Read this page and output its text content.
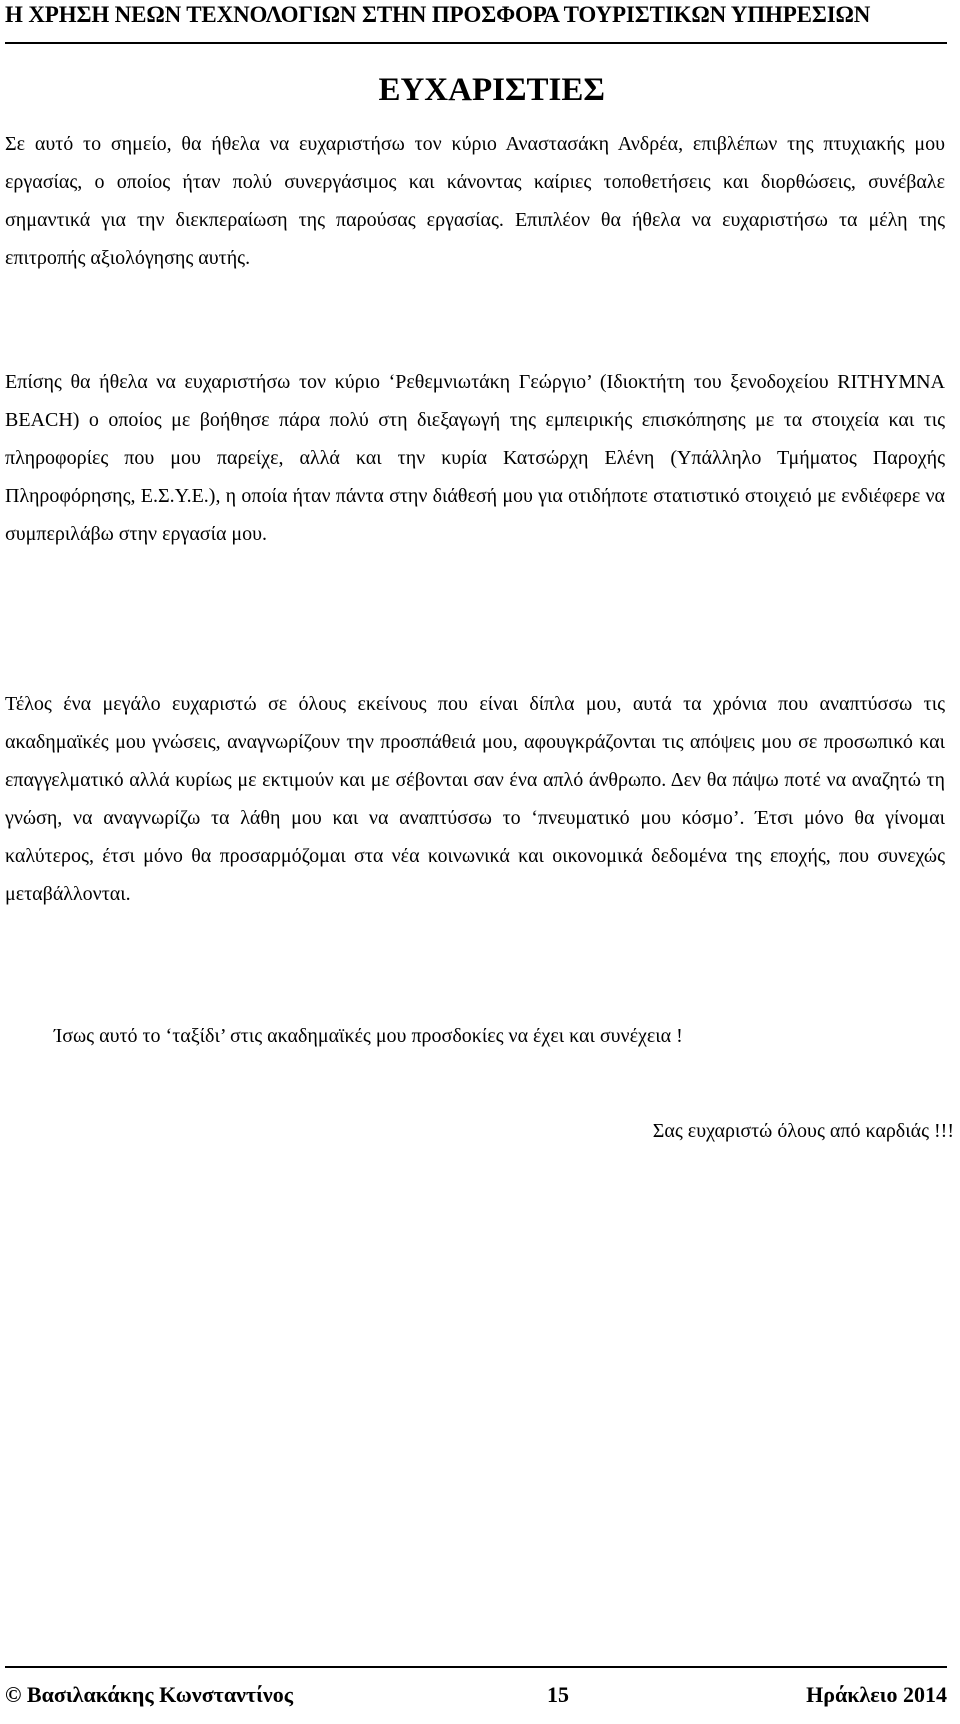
Η ΧΡΗΣΗ ΝΕΩΝ ΤΕΧΝΟΛΟΓΙΩΝ ΣΤΗΝ ΠΡΟΣΦΟΡΑ ΤΟΥΡΙΣΤΙΚΩΝ ΥΠΗΡΕΣΙΩΝ
ΕΥΧΑΡΙΣΤΙΕΣ

Σε αυτό το σημείο, θα ήθελα να ευχαριστήσω τον κύριο Αναστασάκη Ανδρέα, επιβλέπων της πτυχιακής μου εργασίας, ο οποίος ήταν πολύ συνεργάσιμος και κάνοντας καίριες τοποθετήσεις και διορθώσεις, συνέβαλε σημαντικά για την διεκπεραίωση της παρούσας εργασίας. Επιπλέον θα ήθελα να ευχαριστήσω τα μέλη της επιτροπής αξιολόγησης αυτής.

Επίσης θα ήθελα να ευχαριστήσω τον κύριο ‘Ρεθεμνιωτάκη Γεώργιο’ (Ιδιοκτήτη του ξενοδοχείου RITHYMNA BEACH) ο οποίος με βοήθησε πάρα πολύ στη διεξαγωγή της εμπειρικής επισκόπησης με τα στοιχεία και τις πληροφορίες που μου παρείχε, αλλά και την κυρία Κατσώρχη Ελένη (Υπάλληλο Τμήματος Παροχής Πληροφόρησης, Ε.Σ.Υ.Ε.), η οποία ήταν πάντα στην διάθεσή μου για οτιδήποτε στατιστικό στοιχειό με ενδιέφερε να συμπεριλάβω στην εργασία μου.

Τέλος ένα μεγάλο ευχαριστώ σε όλους εκείνους που είναι δίπλα μου, αυτά τα χρόνια που αναπτύσσω τις ακαδημαϊκές μου γνώσεις, αναγνωρίζουν την προσπάθειά μου, αφουγκράζονται τις απόψεις μου σε προσωπικό και επαγγελματικό αλλά κυρίως με εκτιμούν και με σέβονται σαν ένα απλό άνθρωπο. Δεν θα πάψω ποτέ να αναζητώ τη γνώση, να αναγνωρίζω τα λάθη μου και να αναπτύσσω το ‘πνευματικό μου κόσμο’. Έτσι μόνο θα γίνομαι καλύτερος, έτσι μόνο θα προσαρμόζομαι στα νέα κοινωνικά και οικονομικά δεδομένα της εποχής, που συνεχώς μεταβάλλονται.

Ίσως αυτό το ‘ταξίδι’ στις ακαδημαϊκές μου προσδοκίες να έχει και συνέχεια !
Σας ευχαριστώ όλους από καρδιάς !!!
© Βασιλακάκης Κωνσταντίνος	15	Ηράκλειο 2014
